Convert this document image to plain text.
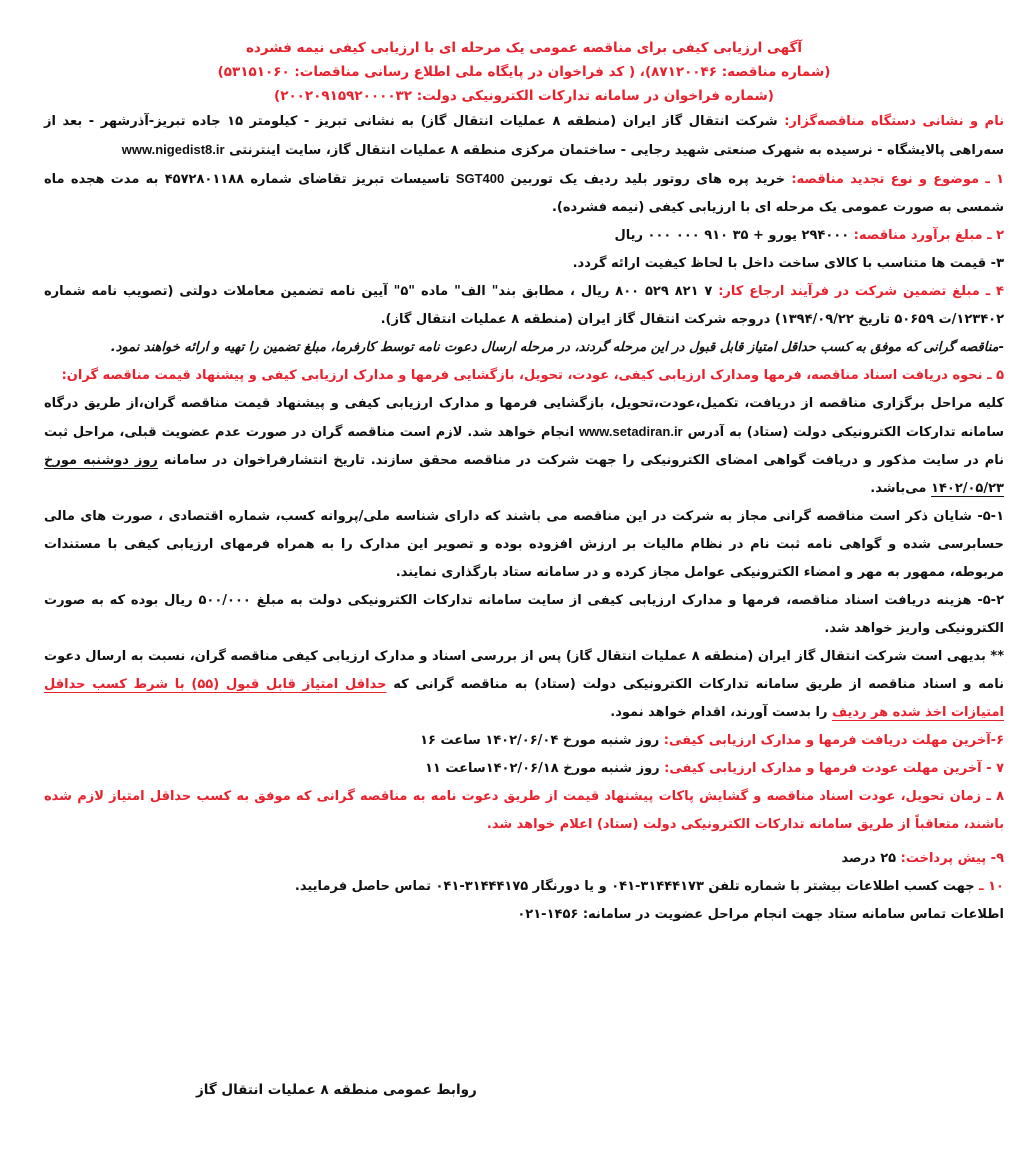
آگهی ارزیابی کیفی برای مناقصه عمومی یک مرحله ای با ارزیابی کیفی نیمه فشرده
(شماره مناقصه: ۸۷۱۲۰۰۴۶)، ( کد فراخوان در پایگاه ملی اطلاع رسانی مناقصات: ۵۳۱۵۱۰۶۰)
(شماره فراخوان در سامانه تدارکات الکترونیکی دولت: ۲۰۰۲۰۹۱۵۹۲۰۰۰۰۳۲)

نام و نشانی دستگاه مناقصه‌گزار: شرکت انتقال گاز ایران (منطقه ۸ عملیات انتقال گاز) به نشانی تبریز - کیلومتر ۱۵ جاده تبریز-آذرشهر - بعد از سه‌راهی پالایشگاه - نرسیده به شهرک صنعتی شهید رجایی - ساختمان مرکزی منطقه ۸ عملیات انتقال گاز، سایت اینترنتی www.nigedist8.ir

۱ ـ موضوع و نوع تجدید مناقصه: خرید پره های روتور بلید ردیف یک توربین SGT400 تاسیسات تبریز تقاضای شماره ۴۵۷۲۸۰۱۱۸۸ به مدت هجده ماه شمسی به صورت عمومی یک مرحله ای با ارزیابی کیفی (نیمه فشرده).

۲ ـ مبلغ برآورد مناقصه: ۲۹۴۰۰۰ یورو + ۳۵ ۹۱۰ ۰۰۰ ۰۰۰ ریال

۳- قیمت ها متناسب با کالای ساخت داخل با لحاظ کیفیت ارائه گردد.

۴ ـ مبلغ تضمین شرکت در فرآیند ارجاع کار: ۷ ۸۲۱ ۵۲۹ ۸۰۰ ریال ، مطابق بند" الف" ماده "۵" آیین نامه تضمین معاملات دولتی (تصویب نامه شماره ۱۲۳۴۰۲/ت ۵۰۶۵۹ تاریخ ۱۳۹۴/۰۹/۲۲) دروجه شرکت انتقال گاز ایران (منطقه ۸ عملیات انتقال گاز).

-مناقصه گرانی که موفق به کسب حداقل امتیاز قابل قبول در این مرحله گردند، در مرحله ارسال دعوت نامه توسط کارفرما، مبلغ تضمین را تهیه و ارائه خواهند نمود.

۵ ـ نحوه دریافت اسناد مناقصه، فرمها ومدارک ارزیابی کیفی، عودت، تحویل، بازگشایی فرمها و مدارک ارزیابی کیفی و پیشنهاد قیمت مناقصه گران:

کلیه مراحل برگزاری مناقصه از دریافت، تکمیل،عودت،تحویل، بازگشایی فرمها و مدارک ارزیابی کیفی و پیشنهاد قیمت مناقصه گران،از طریق درگاه سامانه تدارکات الکترونیکی دولت (ستاد) به آدرس www.setadiran.ir انجام خواهد شد. لازم است مناقصه گران در صورت عدم عضویت قبلی، مراحل ثبت نام در سایت مذکور و دریافت گواهی امضای الکترونیکی را جهت شرکت در مناقصه محقق سازند. تاریخ انتشارفراخوان در سامانه روز دوشنبه مورخ ۱۴۰۲/۰۵/۲۳ می‌باشد.

۵-۱- شایان ذکر است مناقصه گرانی مجاز به شرکت در این مناقصه می باشند که دارای شناسه ملی/پروانه کسب، شماره اقتصادی ، صورت های مالی حسابرسی شده و گواهی نامه ثبت نام در نظام مالیات بر ارزش افزوده بوده و تصویر این مدارک را به همراه فرمهای ارزیابی کیفی با مستندات مربوطه، ممهور به مهر و امضاء الکترونیکی عوامل مجاز کرده و در سامانه ستاد بارگذاری نمایند.

۵-۲- هزینه دریافت اسناد مناقصه، فرمها و مدارک ارزیابی کیفی از سایت سامانه تدارکات الکترونیکی دولت به مبلغ ۵۰۰/۰۰۰ ریال بوده که به صورت الکترونیکی واریز خواهد شد.

** بدیهی است شرکت انتقال گاز ایران (منطقه ۸ عملیات انتقال گاز) پس از بررسی اسناد و مدارک ارزیابی کیفی مناقصه گران، نسبت به ارسال دعوت نامه و اسناد مناقصه از طریق سامانه تدارکات الکترونیکی دولت (ستاد) به مناقصه گرانی که حداقل امتیاز قابل قبول (۵۵) با شرط کسب حداقل امتیازات اخذ شده هر ردیف را بدست آورند، اقدام خواهد نمود.

۶-آخرین مهلت دریافت فرمها و مدارک ارزیابی کیفی: روز شنبه مورخ ۱۴۰۲/۰۶/۰۴ ساعت ۱۶

۷ - آخرین مهلت عودت فرمها و مدارک ارزیابی کیفی: روز شنبه مورخ ۱۴۰۲/۰۶/۱۸ساعت ۱۱

۸ ـ زمان تحویل، عودت اسناد مناقصه و گشایش پاکات پیشنهاد قیمت از طریق دعوت نامه به مناقصه گرانی که موفق به کسب حداقل امتیاز لازم شده باشند، متعاقباً از طریق سامانه تدارکات الکترونیکی دولت (ستاد) اعلام خواهد شد.

۹- پیش پرداخت: ۲۵ درصد

۱۰ ـ جهت کسب اطلاعات بیشتر با شماره تلفن ۳۱۴۴۴۱۷۳-۰۴۱ و یا دورنگار ۳۱۴۴۴۱۷۵-۰۴۱ تماس حاصل فرمایید.

اطلاعات تماس سامانه ستاد جهت انجام مراحل عضویت در سامانه: ۱۴۵۶-۰۲۱

روابط عمومی منطقه ۸ عملیات انتقال گاز
